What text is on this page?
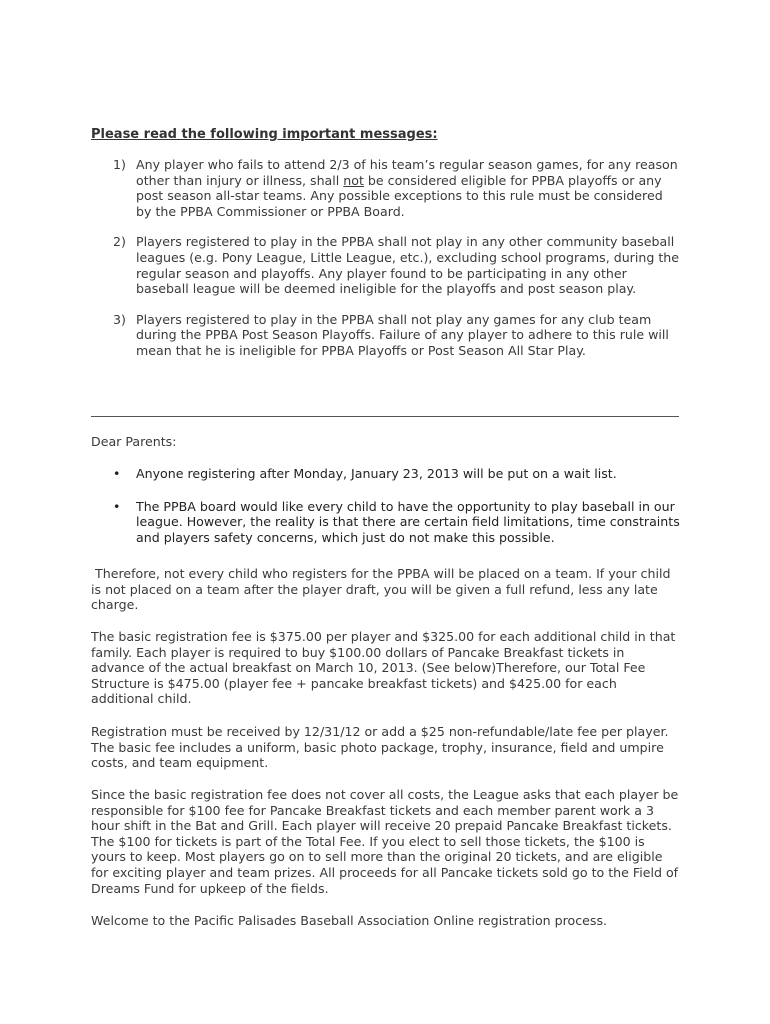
Please read the following important messages:
1) Any player who fails to attend 2/3 of his team’s regular season games, for any reason other than injury or illness, shall not be considered eligible for PPBA playoffs or any post season all-star teams. Any possible exceptions to this rule must be considered by the PPBA Commissioner or PPBA Board.
2) Players registered to play in the PPBA shall not play in any other community baseball leagues (e.g. Pony League, Little League, etc.), excluding school programs, during the regular season and playoffs. Any player found to be participating in any other baseball league will be deemed ineligible for the playoffs and post season play.
3) Players registered to play in the PPBA shall not play any games for any club team during the PPBA Post Season Playoffs. Failure of any player to adhere to this rule will mean that he is ineligible for PPBA Playoffs or Post Season All Star Play.
Dear Parents:
• Anyone registering after Monday, January 23, 2013 will be put on a wait list.
• The PPBA board would like every child to have the opportunity to play baseball in our league. However, the reality is that there are certain field limitations, time constraints and players safety concerns, which just do not make this possible.

Therefore, not every child who registers for the PPBA will be placed on a team. If your child is not placed on a team after the player draft, you will be given a full refund, less any late charge.

The basic registration fee is $375.00 per player and $325.00 for each additional child in that family. Each player is required to buy $100.00 dollars of Pancake Breakfast tickets in advance of the actual breakfast on March 10, 2013. (See below)Therefore, our Total Fee Structure is $475.00 (player fee + pancake breakfast tickets) and $425.00 for each additional child.

Registration must be received by 12/31/12 or add a $25 non-refundable/late fee per player. The basic fee includes a uniform, basic photo package, trophy, insurance, field and umpire costs, and team equipment.

Since the basic registration fee does not cover all costs, the League asks that each player be responsible for $100 fee for Pancake Breakfast tickets and each member parent work a 3 hour shift in the Bat and Grill. Each player will receive 20 prepaid Pancake Breakfast tickets. The $100 for tickets is part of the Total Fee. If you elect to sell those tickets, the $100 is yours to keep. Most players go on to sell more than the original 20 tickets, and are eligible for exciting player and team prizes. All proceeds for all Pancake tickets sold go to the Field of Dreams Fund for upkeep of the fields.

Welcome to the Pacific Palisades Baseball Association Online registration process.
